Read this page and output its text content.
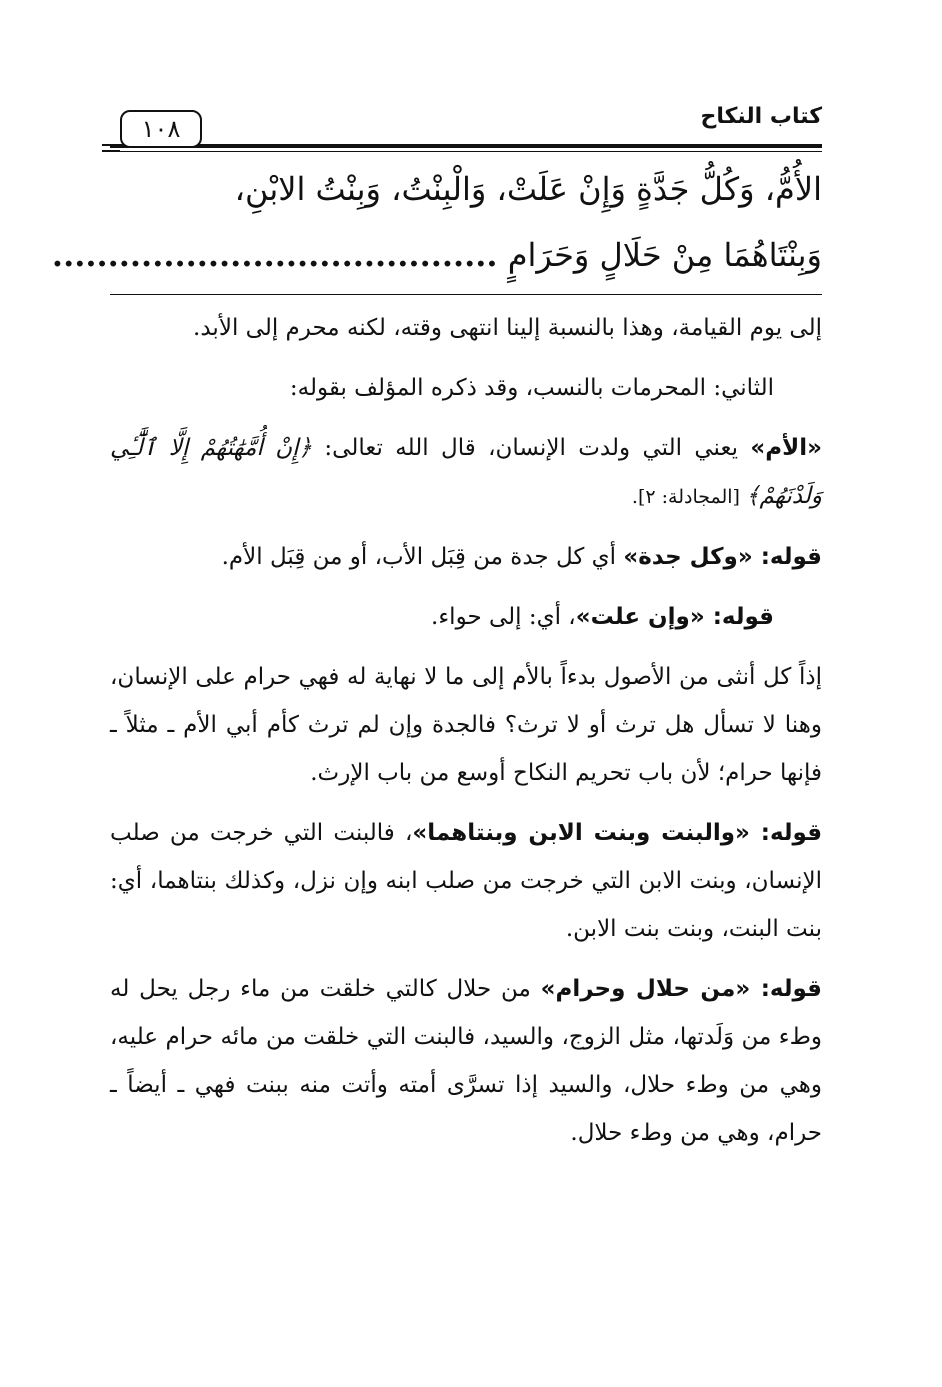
كتاب النكاح
١٠٨
الأُمُّ، وَكُلُّ جَدَّةٍ وَإِنْ عَلَتْ، وَالْبِنْتُ، وَبِنْتُ الابْنِ،
وَبِنْتَاهُمَا مِنْ حَلَالٍ وَحَرَامٍ ........................................

إلى يوم القيامة، وهذا بالنسبة إلينا انتهى وقته، لكنه محرم إلى الأبد.

الثاني: المحرمات بالنسب، وقد ذكره المؤلف بقوله:

«الأم» يعني التي ولدت الإنسان، قال الله تعالى: ﴿إِنْ أُمَّهَٰتُهُمْ إِلَّا ٱلَّٰٓـِٔي وَلَدْنَهُمْ﴾ [المجادلة: ٢].

قوله: «وكل جدة» أي كل جدة من قِبَل الأب، أو من قِبَل الأم.

قوله: «وإن علت»، أي: إلى حواء.

إذاً كل أنثى من الأصول بدءاً بالأم إلى ما لا نهاية له فهي حرام على الإنسان، وهنا لا تسأل هل ترث أو لا ترث؟ فالجدة وإن لم ترث كأم أبي الأم ـ مثلاً ـ فإنها حرام؛ لأن باب تحريم النكاح أوسع من باب الإرث.

قوله: «والبنت وبنت الابن وبنتاهما»، فالبنت التي خرجت من صلب الإنسان، وبنت الابن التي خرجت من صلب ابنه وإن نزل، وكذلك بنتاهما، أي: بنت البنت، وبنت بنت الابن.

قوله: «من حلال وحرام» من حلال كالتي خلقت من ماء رجل يحل له وطء من وَلَدتها، مثل الزوج، والسيد، فالبنت التي خلقت من مائه حرام عليه، وهي من وطء حلال، والسيد إذا تسرَّى أمته وأتت منه ببنت فهي ـ أيضاً ـ حرام، وهي من وطء حلال.
